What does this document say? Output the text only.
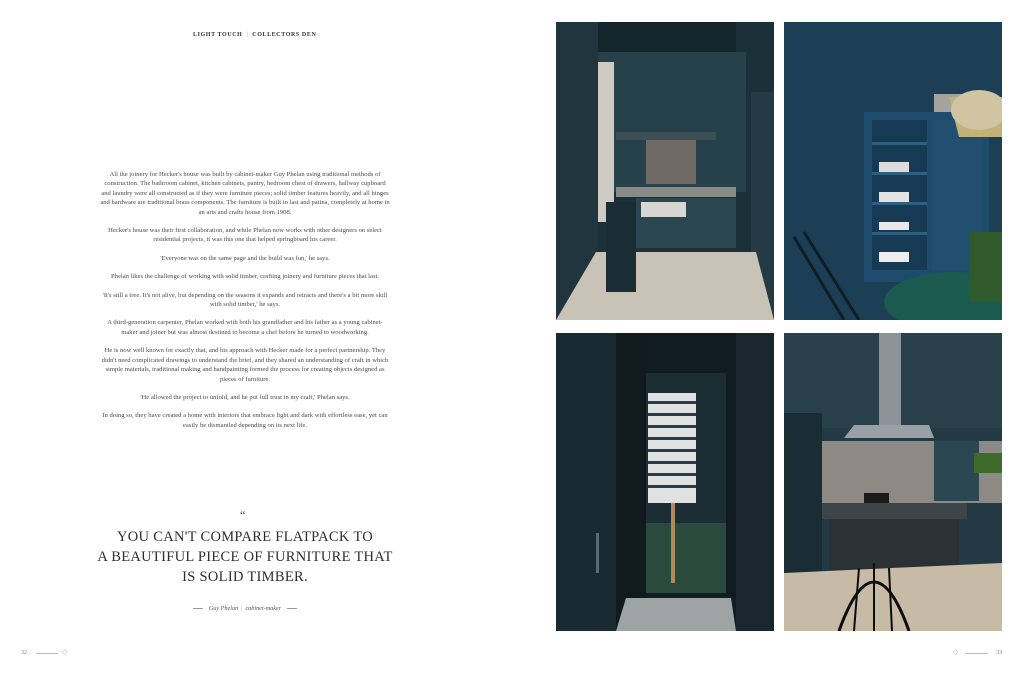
LIGHT TOUCH | COLLECTORS DEN

All the joinery for Hecker's house was built by cabinet-maker Guy Phelan using traditional methods of construction. The bathroom cabinet, kitchen cabinets, pantry, bedroom chest of drawers, hallway cupboard and laundry were all constructed as if they were furniture pieces; solid timber features heavily, and all hinges and hardware are traditional brass components. The furniture is built to last and patina, completely at home in an arts and crafts house from 1908.

Hecker's house was their first collaboration, and while Phelan now works with other designers on select residential projects, it was this one that helped springboard his career.

'Everyone was on the same page and the build was fun,' he says.

Phelan likes the challenge of working with solid timber, crafting joinery and furniture pieces that last.

'It's still a tree. It's not alive, but depending on the seasons it expands and retracts and there's a bit more skill with solid timber,' he says.

A third-generation carpenter, Phelan worked with both his grandfather and his father as a young cabinet-maker and joiner but was almost destined to become a chef before he turned to woodworking.

He is now well known for exactly that, and his approach with Hecker made for a perfect partnership. They didn't need complicated drawings to understand the brief, and they shared an understanding of craft in which simple materials, traditional making and handpainting formed the process for creating objects designed as pieces of furniture.

'He allowed the project to unfold, and he put full trust in my craft,' Phelan says.

In doing so, they have created a home with interiors that embrace light and dark with effortless ease, yet can easily be dismantled depending on its next life.

“
YOU CAN'T COMPARE FLATPACK TO
A BEAUTIFUL PIECE OF FURNITURE THAT
IS SOLID TIMBER.
Guy Phelan | cabinet-maker
32	◇	◇	33
